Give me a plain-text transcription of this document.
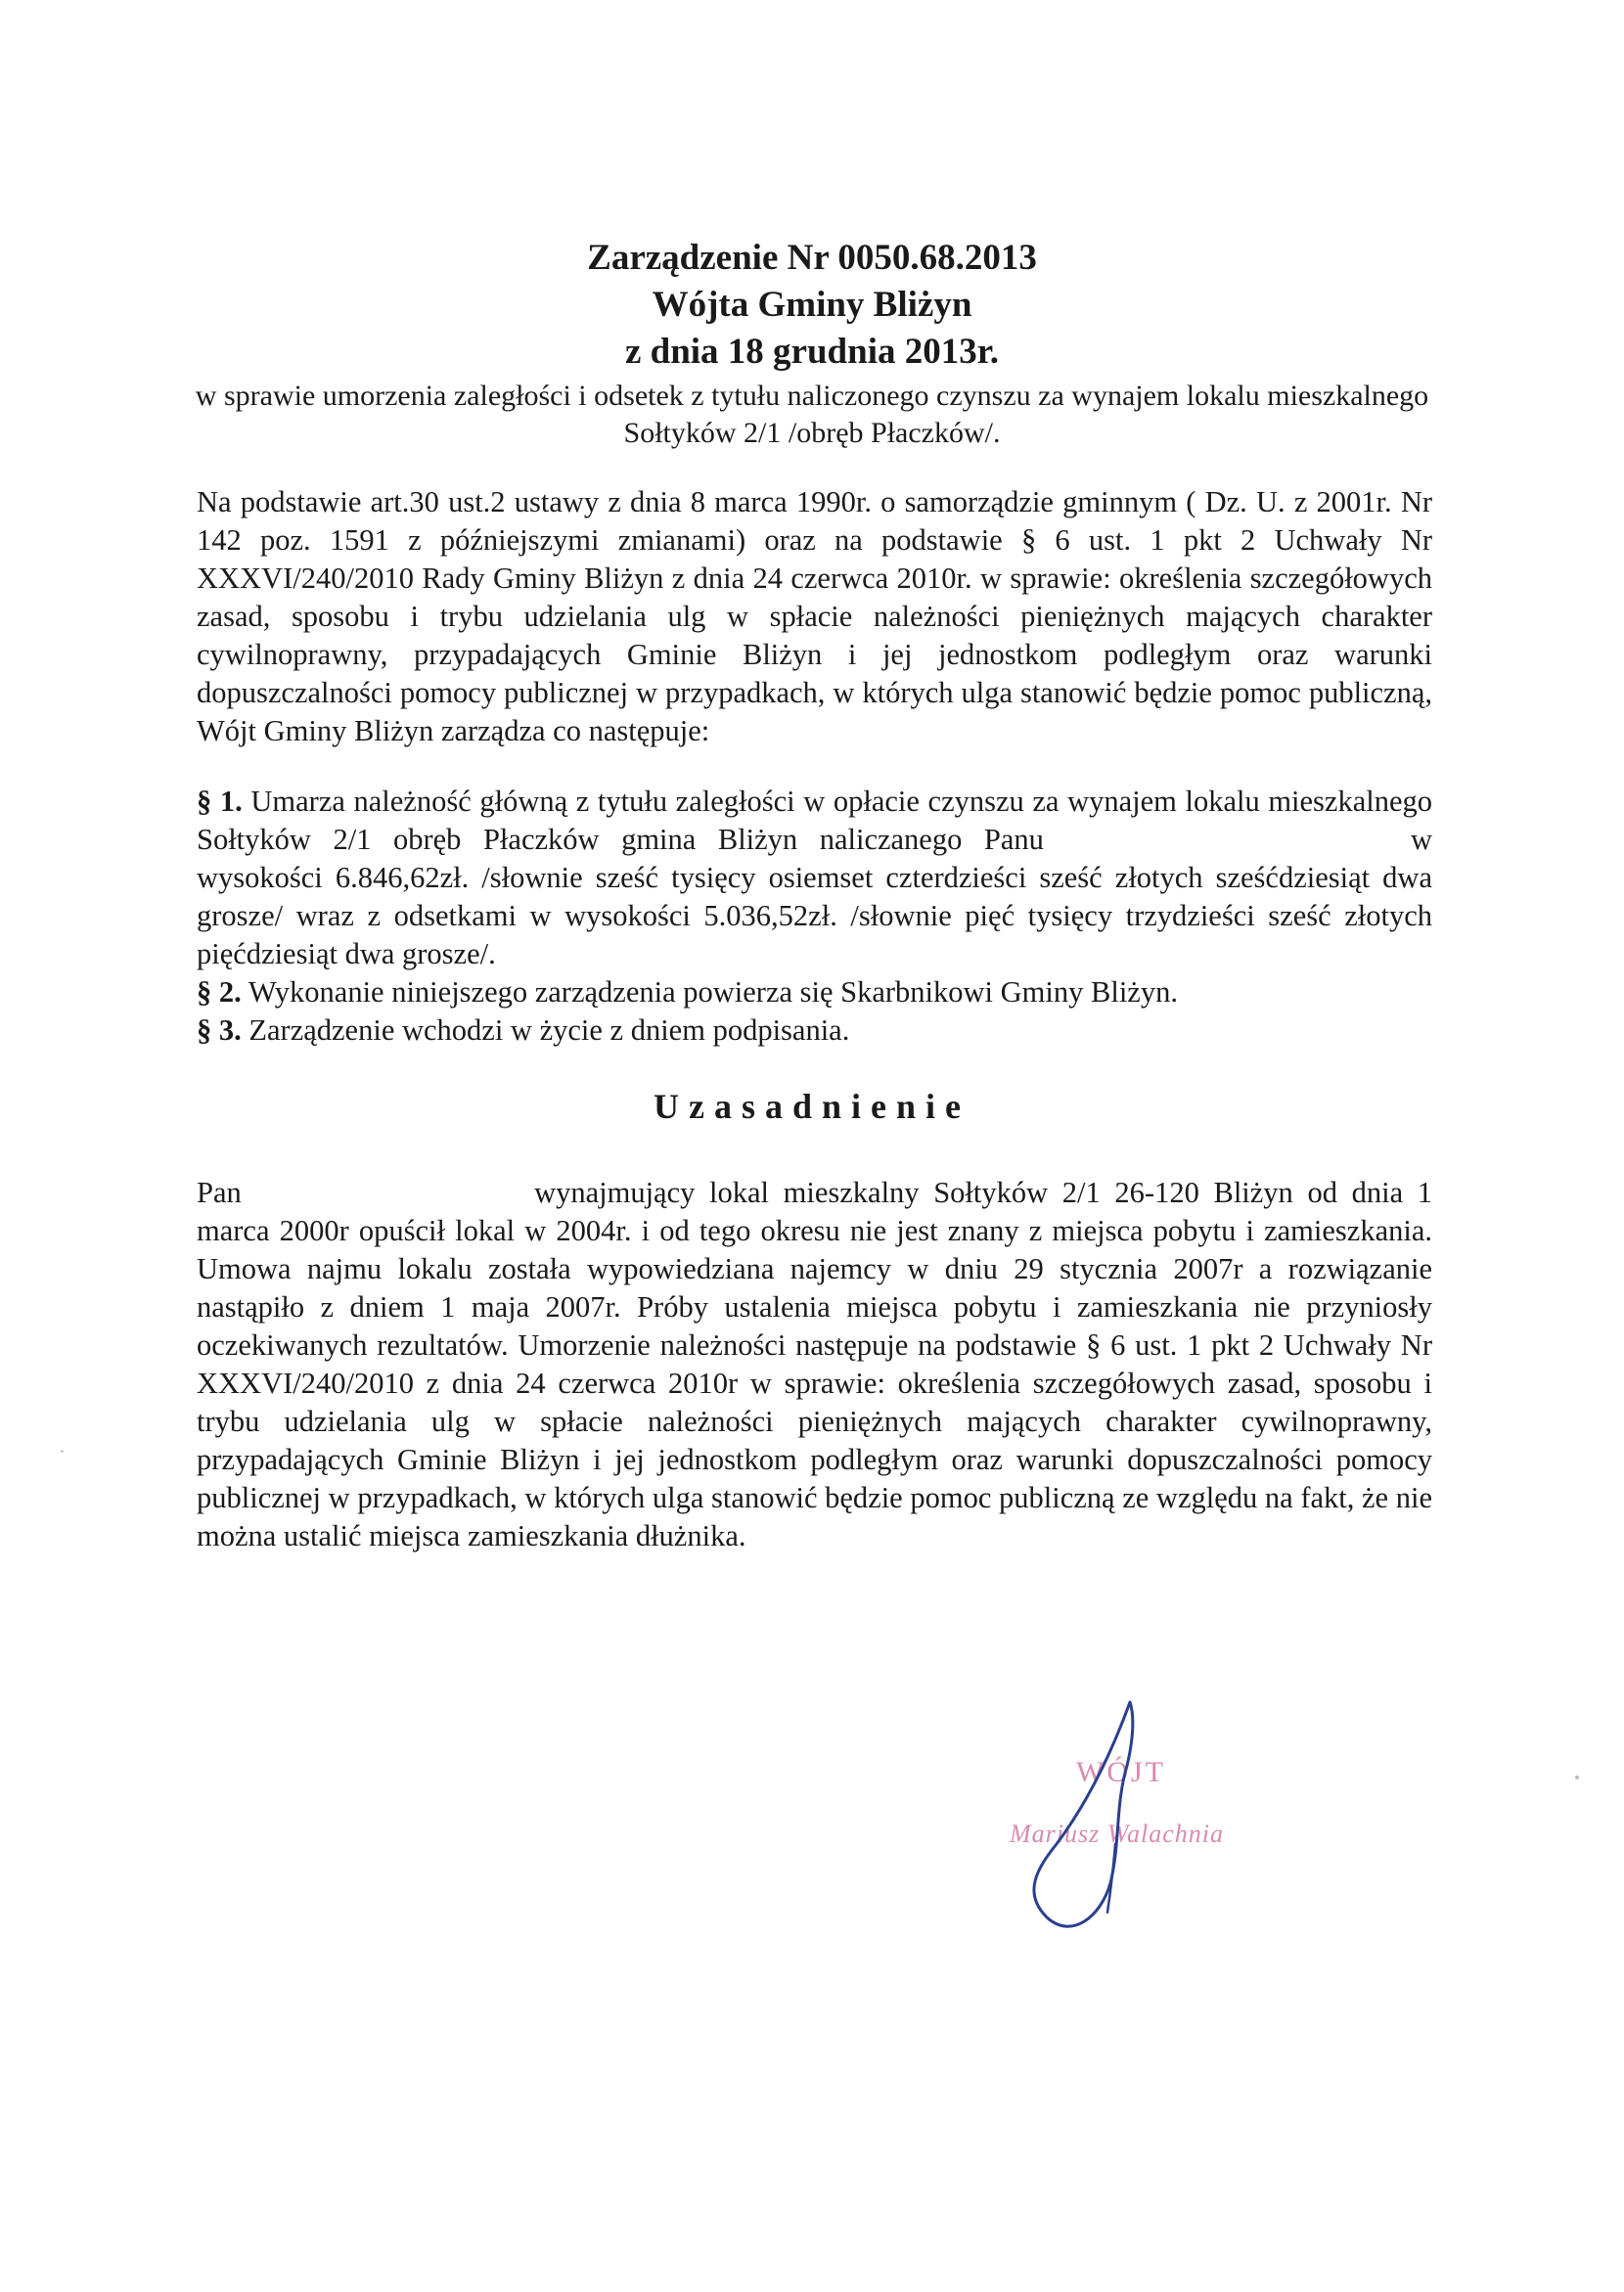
Zarządzenie Nr 0050.68.2013
Wójta Gminy Bliżyn
z dnia 18 grudnia 2013r.
w sprawie umorzenia zaległości i odsetek z tytułu naliczonego czynszu za wynajem lokalu mieszkalnego Sołtyków 2/1 /obręb Płaczków/.

Na podstawie art.30 ust.2 ustawy z dnia 8 marca 1990r. o samorządzie gminnym ( Dz. U. z 2001r. Nr 142 poz. 1591 z późniejszymi zmianami) oraz na podstawie § 6 ust. 1 pkt 2 Uchwały Nr XXXVI/240/2010 Rady Gminy Bliżyn z dnia 24 czerwca 2010r. w sprawie: określenia szczegółowych zasad, sposobu i trybu udzielania ulg w spłacie należności pieniężnych mających charakter cywilnoprawny, przypadających Gminie Bliżyn i jej jednostkom podległym oraz warunki dopuszczalności pomocy publicznej w przypadkach, w których ulga stanowić będzie pomoc publiczną, Wójt Gminy Bliżyn zarządza co następuje:

§ 1. Umarza należność główną z tytułu zaległości w opłacie czynszu za wynajem lokalu mieszkalnego Sołtyków 2/1 obręb Płaczków gmina Bliżyn naliczanego Panu	w wysokości 6.846,62zł. /słownie sześć tysięcy osiemset czterdzieści sześć złotych sześćdziesiąt dwa grosze/ wraz z odsetkami w wysokości 5.036,52zł. /słownie pięć tysięcy trzydzieści sześć złotych pięćdziesiąt dwa grosze/.

§ 2. Wykonanie niniejszego zarządzenia powierza się Skarbnikowi Gminy Bliżyn.

§ 3. Zarządzenie wchodzi w życie z dniem podpisania.

Uzasadnienie

Pan	wynajmujący lokal mieszkalny Sołtyków 2/1 26-120 Bliżyn od dnia 1 marca 2000r opuścił lokal w 2004r. i od tego okresu nie jest znany z miejsca pobytu i zamieszkania. Umowa najmu lokalu została wypowiedziana najemcy w dniu 29 stycznia 2007r a rozwiązanie nastąpiło z dniem 1 maja 2007r. Próby ustalenia miejsca pobytu i zamieszkania nie przyniosły oczekiwanych rezultatów. Umorzenie należności następuje na podstawie § 6 ust. 1 pkt 2 Uchwały Nr XXXVI/240/2010 z dnia 24 czerwca 2010r w sprawie: określenia szczegółowych zasad, sposobu i trybu udzielania ulg w spłacie należności pieniężnych mających charakter cywilnoprawny, przypadających Gminie Bliżyn i jej jednostkom podległym oraz warunki dopuszczalności pomocy publicznej w przypadkach, w których ulga stanowić będzie pomoc publiczną ze względu na fakt, że nie można ustalić miejsca zamieszkania dłużnika.

WÓJT
Mariusz Walachnia
